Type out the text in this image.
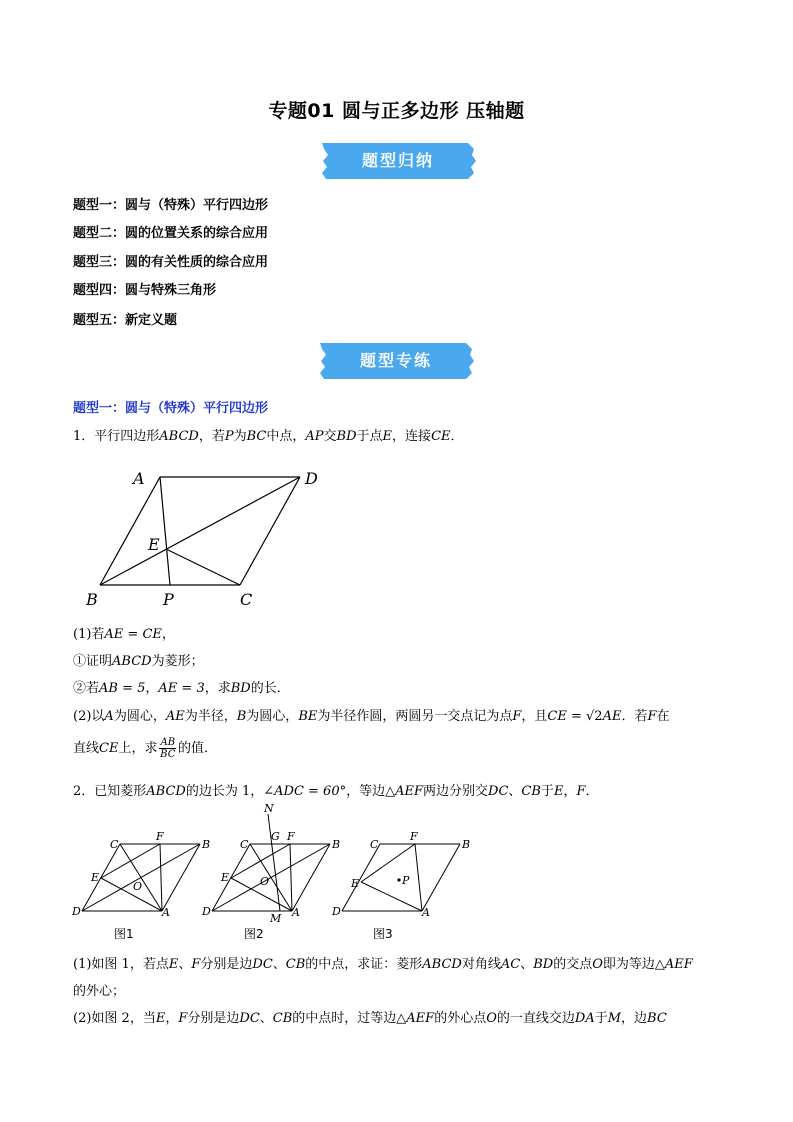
专题01 圆与正多边形 压轴题
题型归纳
题型一：圆与（特殊）平行四边形
题型二：圆的位置关系的综合应用
题型三：圆的有关性质的综合应用
题型四：圆与特殊三角形
题型五：新定义题
题型专练
题型一：圆与（特殊）平行四边形
1．平行四边形ABCD，若P为BC中点，AP交BD于点E，连接CE．
A	D
E
B	P	C
(1)若AE = CE，
①证明ABCD为菱形；
②若AB = 5，AE = 3，求BD的长．
(2)以A为圆心，AE为半径，B为圆心，BE为半径作圆，两圆另一交点记为点F，且CE = √2AE．若F在
直线CE上，求 $\frac{AB}{BC}$ 的值．
2．已知菱形ABCD的边长为 1，∠ADC = 60°，等边△AEF两边分别交DC、CB于E，F．
C
F
B
E
O
D	A
N
C
G F
B
E	O
D
M A
C
F
B
E	P
D	A
图1	图2	图3
(1)如图 1，若点E、F分别是边DC、CB的中点，求证：菱形ABCD对角线AC、BD的交点O即为等边△AEF
的外心；
(2)如图 2，当E，F分别是边DC、CB的中点时，过等边△AEF的外心点O的一直线交边DA于M，边BC
